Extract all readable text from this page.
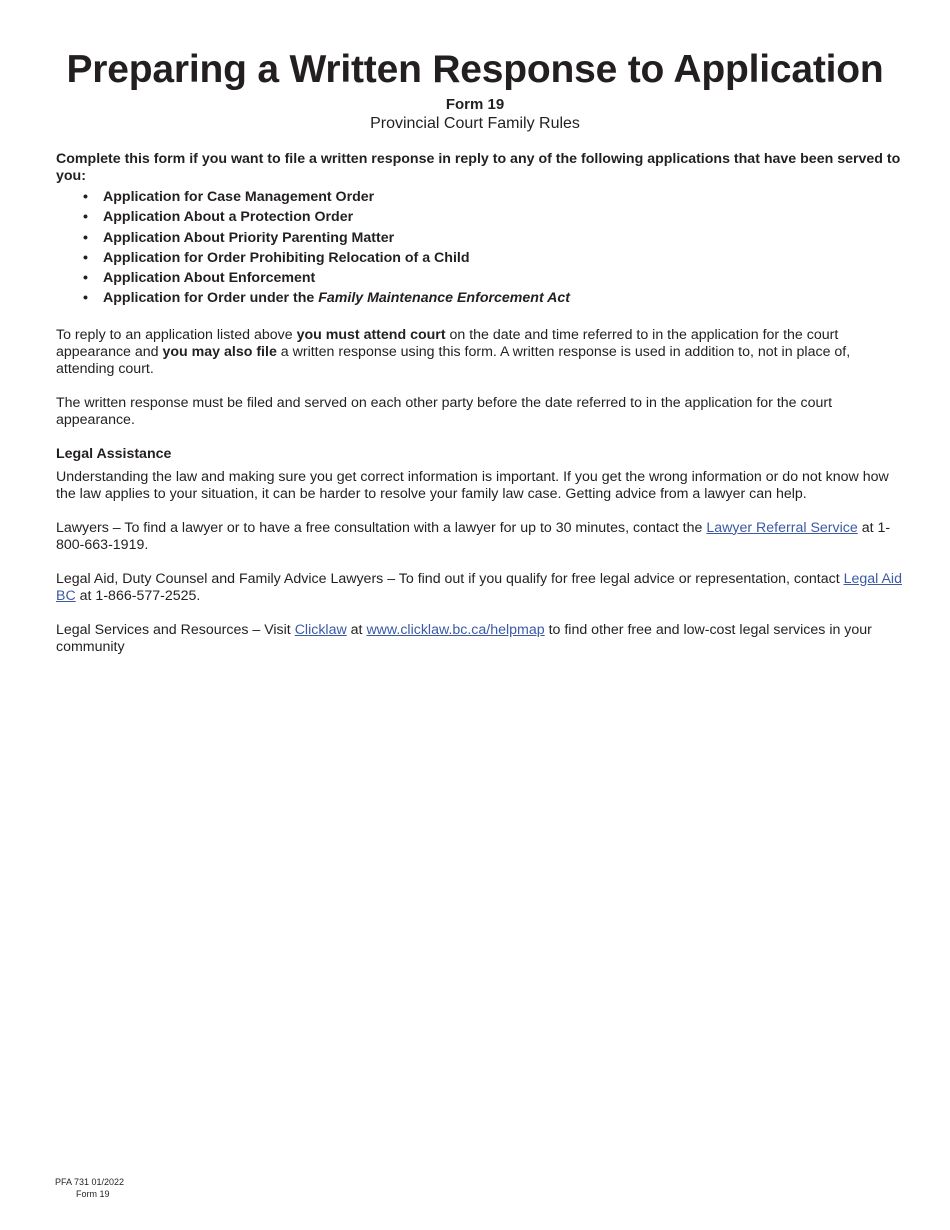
Preparing a Written Response to Application
Form 19
Provincial Court Family Rules

Complete this form if you want to file a written response in reply to any of the following applications that have been served to you:

• Application for Case Management Order
• Application About a Protection Order
• Application About Priority Parenting Matter
• Application for Order Prohibiting Relocation of a Child
• Application About Enforcement
• Application for Order under the Family Maintenance Enforcement Act

To reply to an application listed above you must attend court on the date and time referred to in the application for the court appearance and you may also file a written response using this form. A written response is used in addition to, not in place of, attending court.

The written response must be filed and served on each other party before the date referred to in the application for the court appearance.

Legal Assistance

Understanding the law and making sure you get correct information is important. If you get the wrong information or do not know how the law applies to your situation, it can be harder to resolve your family law case. Getting advice from a lawyer can help.

Lawyers – To find a lawyer or to have a free consultation with a lawyer for up to 30 minutes, contact the Lawyer Referral Service at 1-800-663-1919.

Legal Aid, Duty Counsel and Family Advice Lawyers – To find out if you qualify for free legal advice or representation, contact Legal Aid BC at 1-866-577-2525.

Legal Services and Resources – Visit Clicklaw at www.clicklaw.bc.ca/helpmap to find other free and low-cost legal services in your community

PFA 731 01/2022
Form 19
